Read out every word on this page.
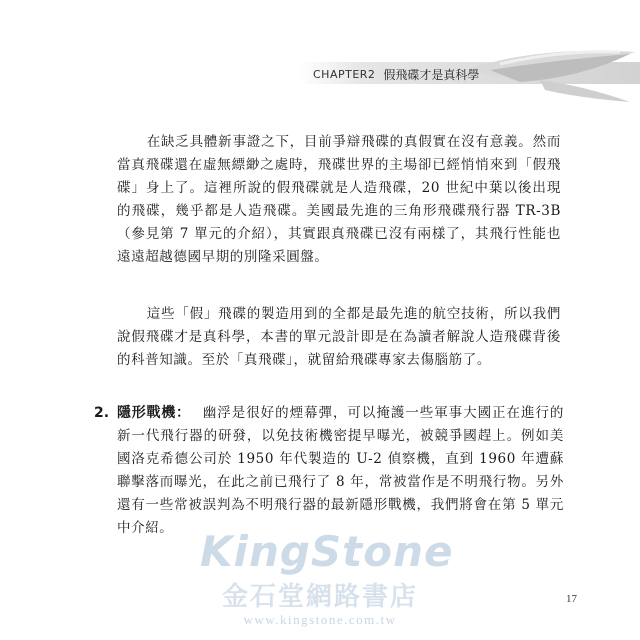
CHAPTER2 假飛碟才是真科學

在缺乏具體新事證之下，目前爭辯飛碟的真假實在沒有意義。然而當真飛碟還在虛無縹緲之處時，飛碟世界的主場卻已經悄悄來到「假飛碟」身上了。這裡所說的假飛碟就是人造飛碟，20 世紀中葉以後出現的飛碟，幾乎都是人造飛碟。美國最先進的三角形飛碟飛行器 TR-3B（參見第 7 單元的介紹），其實跟真飛碟已沒有兩樣了，其飛行性能也遠遠超越德國早期的別隆采圓盤。

這些「假」飛碟的製造用到的全都是最先進的航空技術，所以我們說假飛碟才是真科學，本書的單元設計即是在為讀者解說人造飛碟背後的科普知識。至於「真飛碟」，就留給飛碟專家去傷腦筋了。

2. 隱形戰機： 幽浮是很好的煙幕彈，可以掩護一些軍事大國正在進行的新一代飛行器的研發，以免技術機密提早曝光，被競爭國趕上。例如美國洛克希德公司於 1950 年代製造的 U-2 偵察機，直到 1960 年遭蘇聯擊落而曝光，在此之前已飛行了 8 年，常被當作是不明飛行物。另外還有一些常被誤判為不明飛行器的最新隱形戰機，我們將會在第 5 單元中介紹。 KingStone
金石堂網路書店
www.kingstone.com.tw
17
